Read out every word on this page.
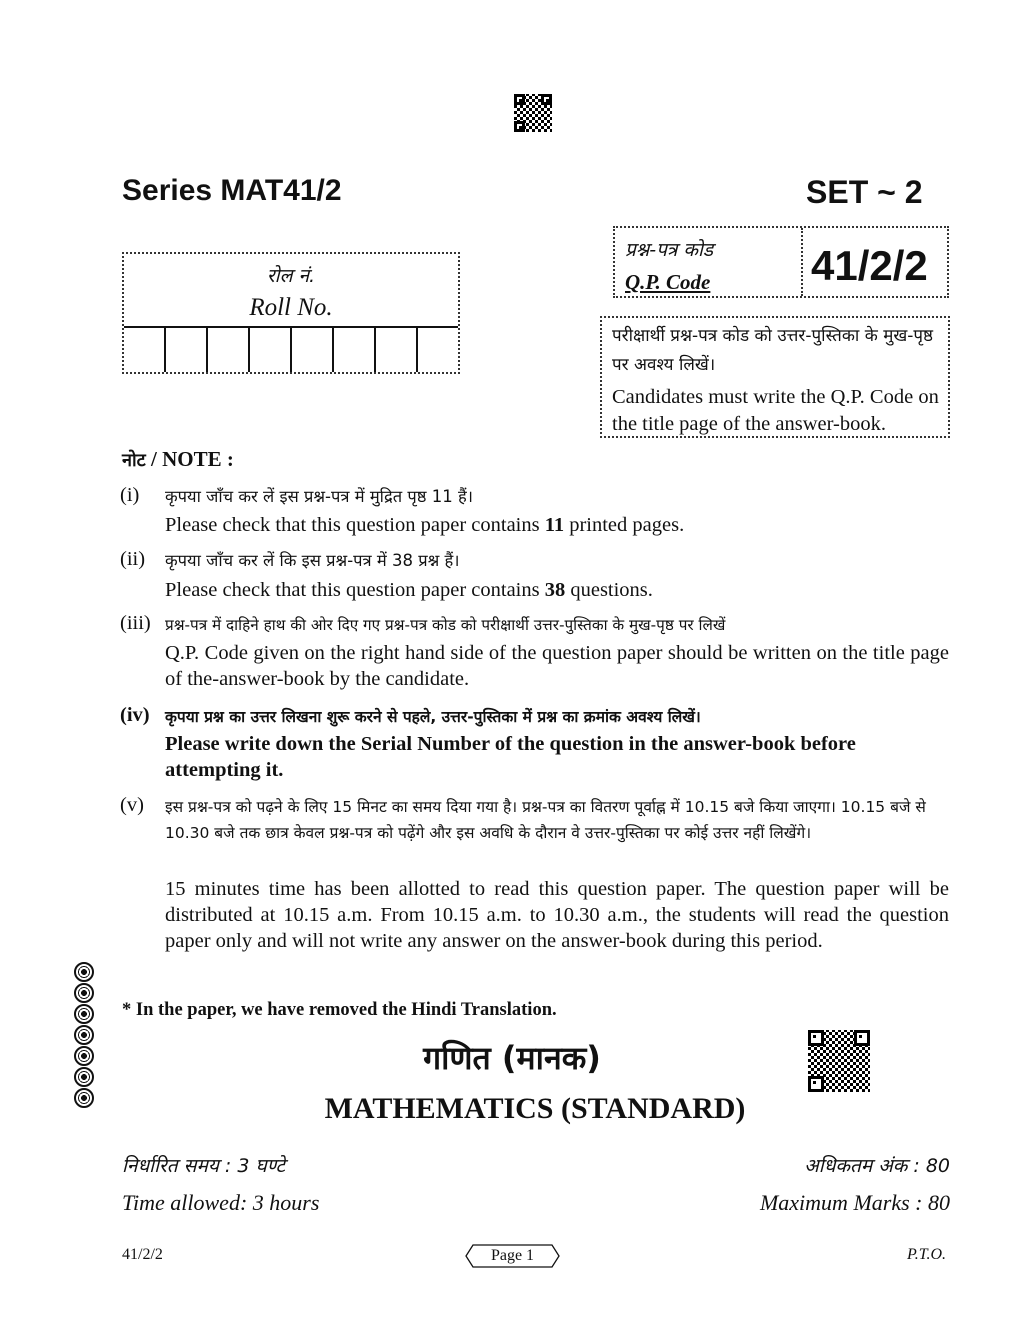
Series MAT41/2	SET ~ 2
रोल नं.
Roll No.
प्रश्न-पत्र कोड
Q.P. Code 41/2/2
परीक्षार्थी प्रश्न-पत्र कोड को उत्तर-पुस्तिका के मुख-पृष्ठ पर अवश्य लिखें।
Candidates must write the Q.P. Code on the title page of the answer-book.
नोट / NOTE :
(i) कृपया जाँच कर लें इस प्रश्न-पत्र में मुद्रित पृष्ठ 11 हैं।
Please check that this question paper contains 11 printed pages.
(ii) कृपया जाँच कर लें कि इस प्रश्न-पत्र में 38 प्रश्न हैं।
Please check that this question paper contains 38 questions.
(iii) प्रश्न-पत्र में दाहिने हाथ की ओर दिए गए प्रश्न-पत्र कोड को परीक्षार्थी उत्तर-पुस्तिका के मुख-पृष्ठ पर लिखें
Q.P. Code given on the right hand side of the question paper should be written on the title page of the-answer-book by the candidate.
(iv) कृपया प्रश्न का उत्तर लिखना शुरू करने से पहले, उत्तर-पुस्तिका में प्रश्न का क्रमांक अवश्य लिखें।
Please write down the Serial Number of the question in the answer-book before attempting it.
(v) इस प्रश्न-पत्र को पढ़ने के लिए 15 मिनट का समय दिया गया है। प्रश्न-पत्र का वितरण पूर्वाह्न में 10.15 बजे किया जाएगा। 10.15 बजे से 10.30 बजे तक छात्र केवल प्रश्न-पत्र को पढ़ेंगे और इस अवधि के दौरान वे उत्तर-पुस्तिका पर कोई उत्तर नहीं लिखेंगे।
15 minutes time has been allotted to read this question paper. The question paper will be distributed at 10.15 a.m. From 10.15 a.m. to 10.30 a.m., the students will read the question paper only and will not write any answer on the answer-book during this period.
* In the paper, we have removed the Hindi Translation.
गणित (मानक)
MATHEMATICS (STANDARD)
निर्धारित समय : 3 घण्टे	अधिकतम अंक : 80
Time allowed: 3 hours	Maximum Marks : 80
41/2/2	Page 1	P.T.O.
